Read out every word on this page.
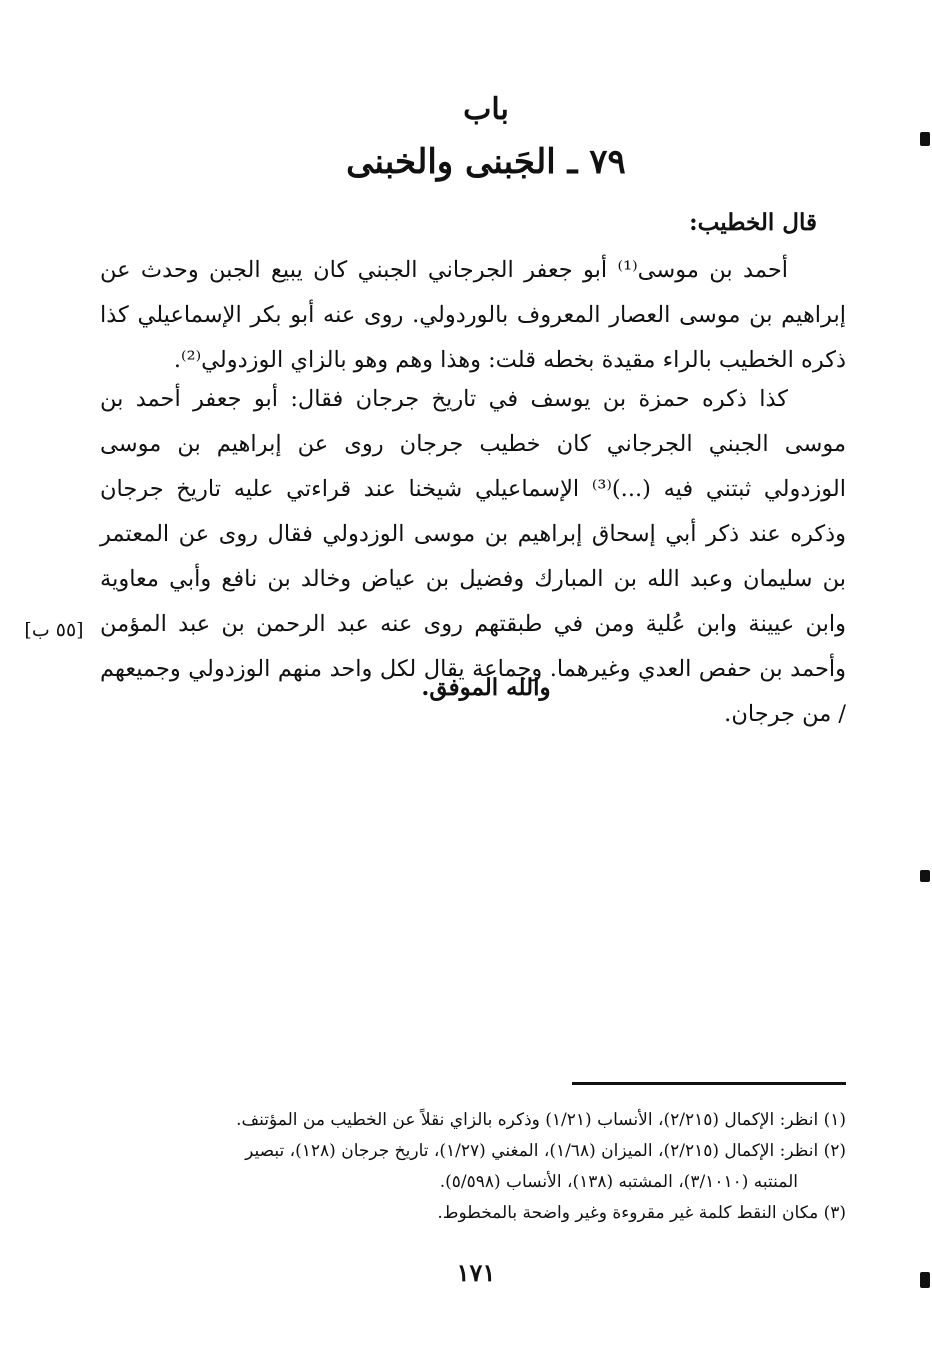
باب
٧٩ ـ الجَبنى والخبنى
قال الخطيب:
أحمد بن موسى⁽¹⁾ أبو جعفر الجرجاني الجبني كان يبيع الجبن وحدث عن إبراهيم بن موسى العصار المعروف بالوردولي. روى عنه أبو بكر الإسماعيلي كذا ذكره الخطيب بالراء مقيدة بخطه قلت: وهذا وهم وهو بالزاي الوزدولي⁽²⁾.
كذا ذكره حمزة بن يوسف في تاريخ جرجان فقال: أبو جعفر أحمد بن موسى الجبني الجرجاني كان خطيب جرجان روى عن إبراهيم بن موسى الوزدولي ثبتني فيه (...)⁽³⁾ الإسماعيلي شيخنا عند قراءتي عليه تاريخ جرجان وذكره عند ذكر أبي إسحاق إبراهيم بن موسى الوزدولي فقال روى عن المعتمر بن سليمان وعبد الله بن المبارك وفضيل بن عياض وخالد بن نافع وأبي معاوية وابن عيينة وابن عُلية ومن في طبقتهم روى عنه عبد الرحمن بن عبد المؤمن وأحمد بن حفص العدي وغيرهما. وجماعة يقال لكل واحد منهم الوزدولي وجميعهم / من جرجان.
[٥٥ ب]
والله الموفق.
(١) انظر: الإكمال (٢/٢١٥)، الأنساب (١/٢١) وذكره بالزاي نقلاً عن الخطيب من المؤتنف.
(٢) انظر: الإكمال (٢/٢١٥)، الميزان (١/٦٨)، المغني (١/٢٧)، تاريخ جرجان (١٢٨)، تبصير
المنتبه (٣/١٠١٠)، المشتبه (١٣٨)، الأنساب (٥/٥٩٨).
(٣) مكان النقط كلمة غير مقروءة وغير واضحة بالمخطوط.
١٧١
